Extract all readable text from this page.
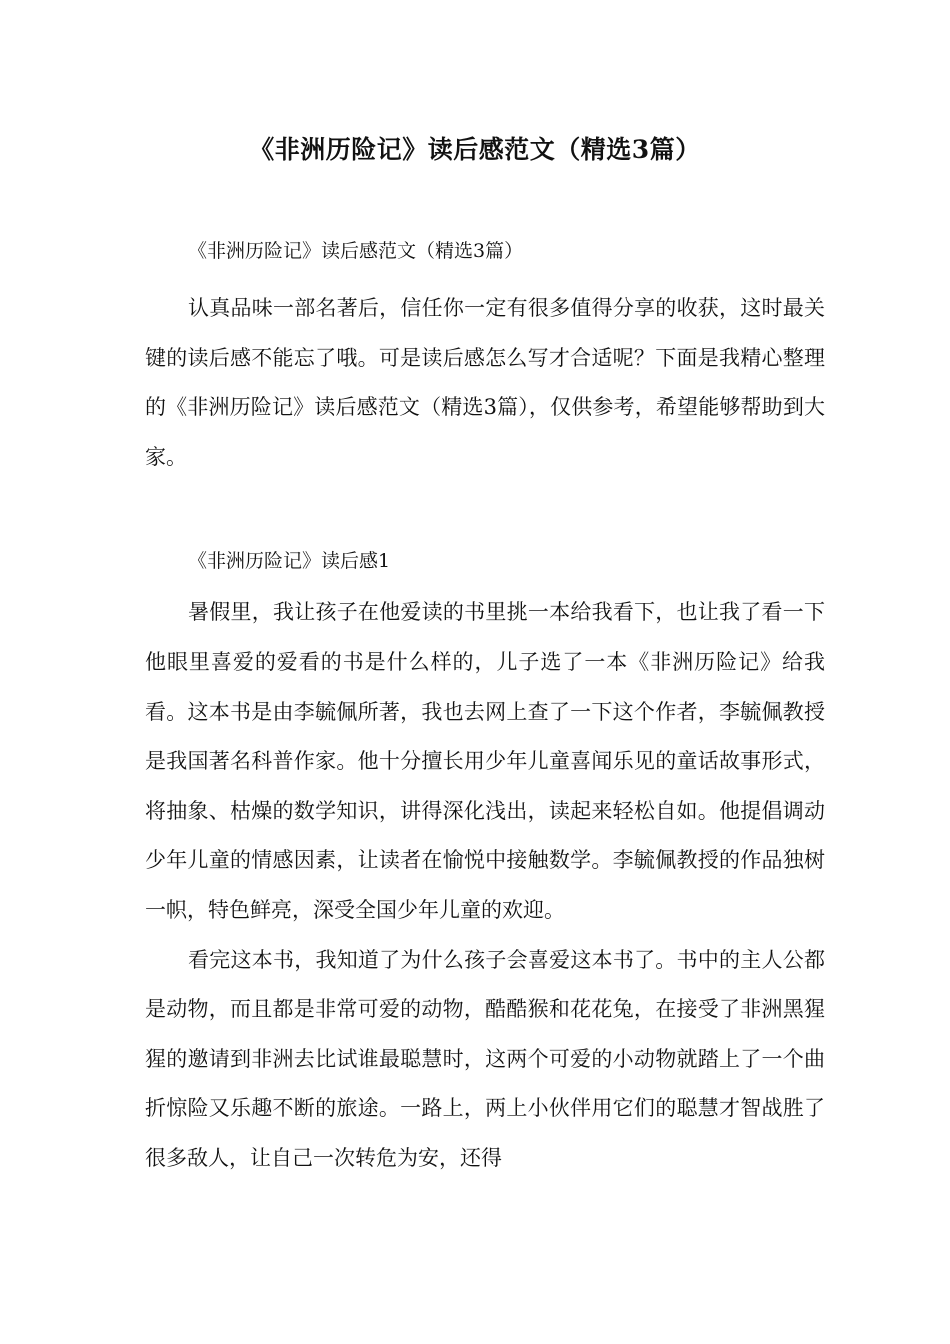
《非洲历险记》读后感范文（精选3篇）

《非洲历险记》读后感范文（精选3篇）

认真品味一部名著后，信任你一定有很多值得分享的收获，这时最关键的读后感不能忘了哦。可是读后感怎么写才合适呢？下面是我精心整理的《非洲历险记》读后感范文（精选3篇），仅供参考，希望能够帮助到大家。

《非洲历险记》读后感1

暑假里，我让孩子在他爱读的书里挑一本给我看下，也让我了看一下他眼里喜爱的爱看的书是什么样的，儿子选了一本《非洲历险记》给我看。这本书是由李毓佩所著，我也去网上查了一下这个作者，李毓佩教授是我国著名科普作家。他十分擅长用少年儿童喜闻乐见的童话故事形式，将抽象、枯燥的数学知识，讲得深化浅出，读起来轻松自如。他提倡调动少年儿童的情感因素，让读者在愉悦中接触数学。李毓佩教授的作品独树一帜，特色鲜亮，深受全国少年儿童的欢迎。

看完这本书，我知道了为什么孩子会喜爱这本书了。书中的主人公都是动物，而且都是非常可爱的动物，酷酷猴和花花兔，在接受了非洲黑猩猩的邀请到非洲去比试谁最聪慧时，这两个可爱的小动物就踏上了一个曲折惊险又乐趣不断的旅途。一路上，两上小伙伴用它们的聪慧才智战胜了很多敌人，让自己一次转危为安，还得
